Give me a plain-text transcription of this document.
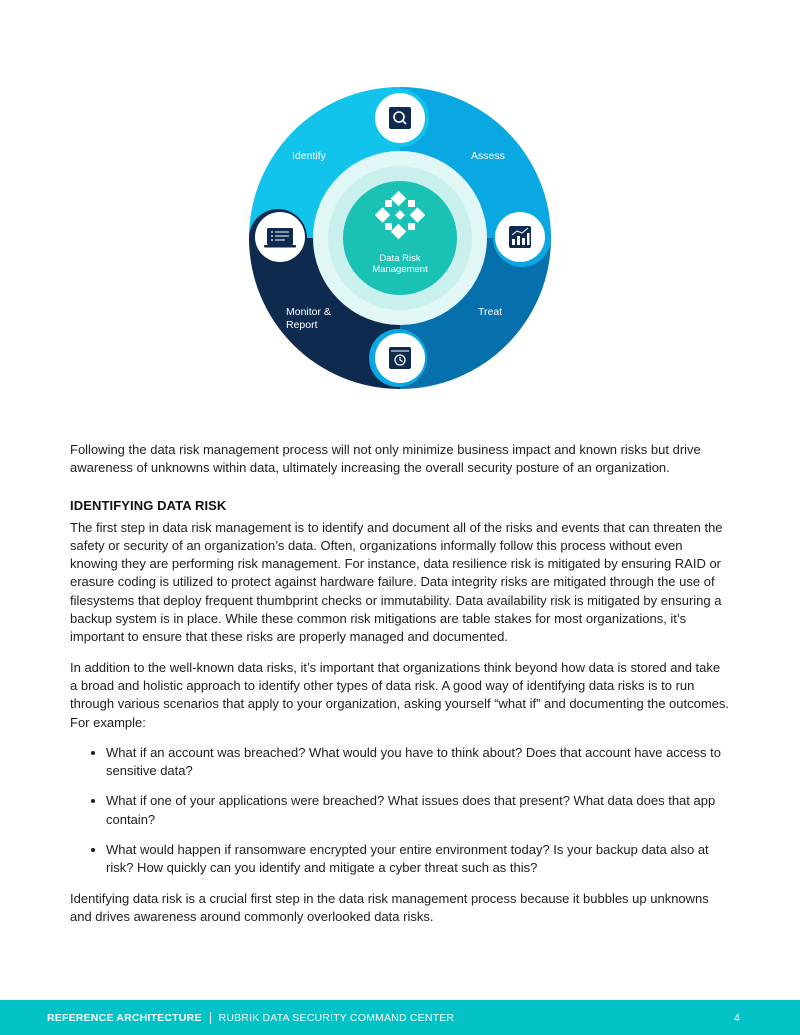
Data Risk
Management
Identify	Assess
Treat
Monitor &
Report

Following the data risk management process will not only minimize business impact and known risks but drive awareness of unknowns within data, ultimately increasing the overall security posture of an organization.

IDENTIFYING DATA RISK

The first step in data risk management is to identify and document all of the risks and events that can threaten the safety or security of an organization’s data. Often, organizations informally follow this process without even knowing they are performing risk management. For instance, data resilience risk is mitigated by ensuring RAID or erasure coding is utilized to protect against hardware failure. Data integrity risks are mitigated through the use of filesystems that deploy frequent thumbprint checks or immutability. Data availability risk is mitigated by ensuring a backup system is in place. While these common risk mitigations are table stakes for most organizations, it’s important to ensure that these risks are properly managed and documented.

In addition to the well-known data risks, it’s important that organizations think beyond how data is stored and take a broad and holistic approach to identify other types of data risk. A good way of identifying data risks is to run through various scenarios that apply to your organization, asking yourself “what if” and documenting the outcomes. For example:

• What if an account was breached? What would you have to think about? Does that account have access to sensitive data?
• What if one of your applications were breached? What issues does that present? What data does that app contain?
• What would happen if ransomware encrypted your entire environment today? Is your backup data also at risk? How quickly can you identify and mitigate a cyber threat such as this?

Identifying data risk is a crucial first step in the data risk management process because it bubbles up unknowns and drives awareness around commonly overlooked data risks.

REFERENCE ARCHITECTURE RUBRIK DATA SECURITY COMMAND CENTER	4
